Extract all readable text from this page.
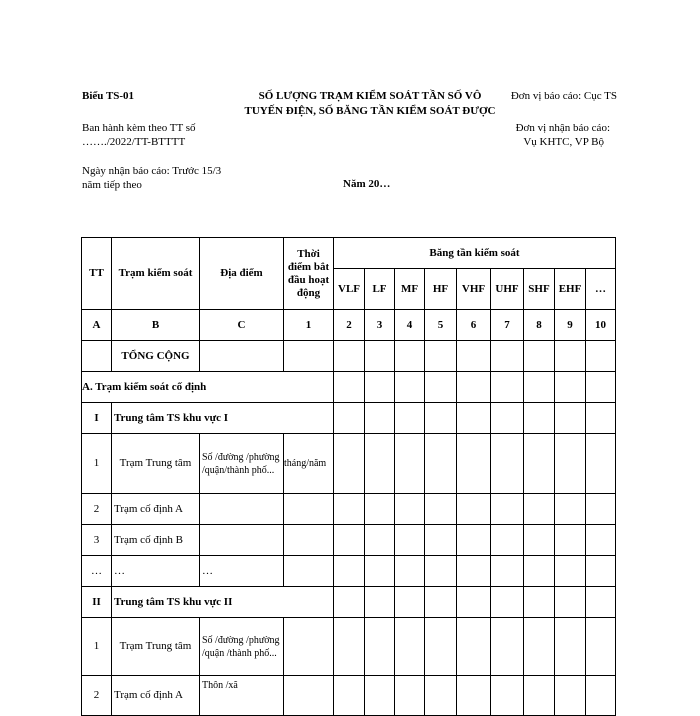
Biểu TS-01
Ban hành kèm theo TT số
……./2022/TT-BTTTT
Ngày nhận báo cáo: Trước 15/3
năm tiếp theo
SỐ LƯỢNG TRẠM KIỂM SOÁT TẦN SỐ VÔ
TUYẾN ĐIỆN, SỐ BĂNG TẦN KIỂM SOÁT ĐƯỢC
Năm 20…
Đơn vị báo cáo: Cục TS
Đơn vị nhận báo cáo:
Vụ KHTC, VP Bộ
TT	Trạm kiểm soát	Địa điểm	Thời điểm bắt đầu hoạt động	Băng tần kiểm soát								
				VLF	LF	MF	HF	VHF	UHF	SHF	EHF	…
A	B	C	1	2	3	4	5	6	7	8	9	10
	TỔNG CỘNG											
A. Trạm kiểm soát cố định												
I	Trung tâm TS khu vực I											
1	Trạm Trung tâm	Số /đường /phường /quận/thành phố...	tháng/năm									
2	Trạm cố định A											
3	Trạm cố định B											
…	…	…										
II	Trung tâm TS khu vực II											
1	Trạm Trung tâm	Số /đường /phường /quận /thành phố...										
2	Trạm cố định A	Thôn /xã										
